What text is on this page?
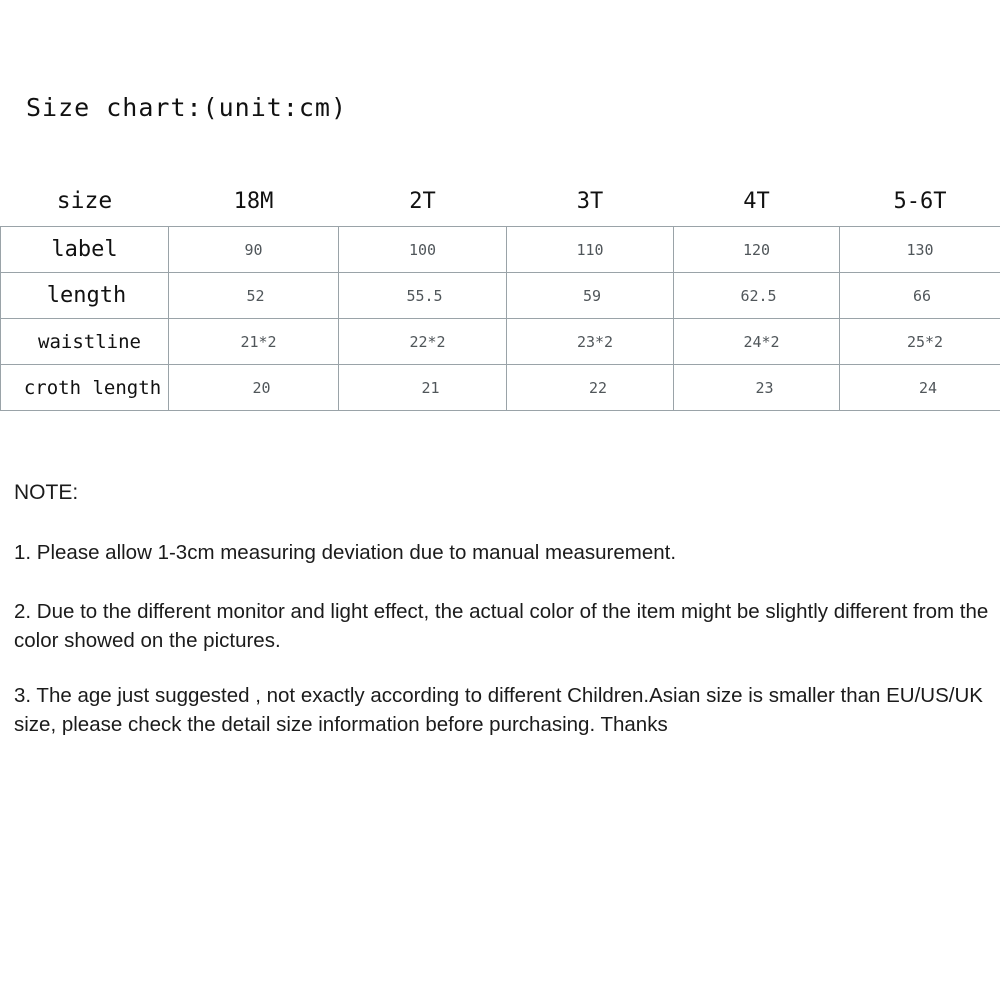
Size chart:(unit:cm)
size	18M	2T	3T	4T	5-6T
label	90	100	110	120	130
length	52	55.5	59	62.5	66
waistline	21*2	22*2	23*2	24*2	25*2
croth length	20	21	22	23	24
NOTE:

1. Please allow 1-3cm measuring deviation due to manual measurement.

2. Due to the different monitor and light effect, the actual color of the item might be slightly different from the color showed on the pictures.

3. The age just suggested , not exactly according to different Children.Asian size is smaller than EU/US/UK size, please check the detail size information before purchasing. Thanks
